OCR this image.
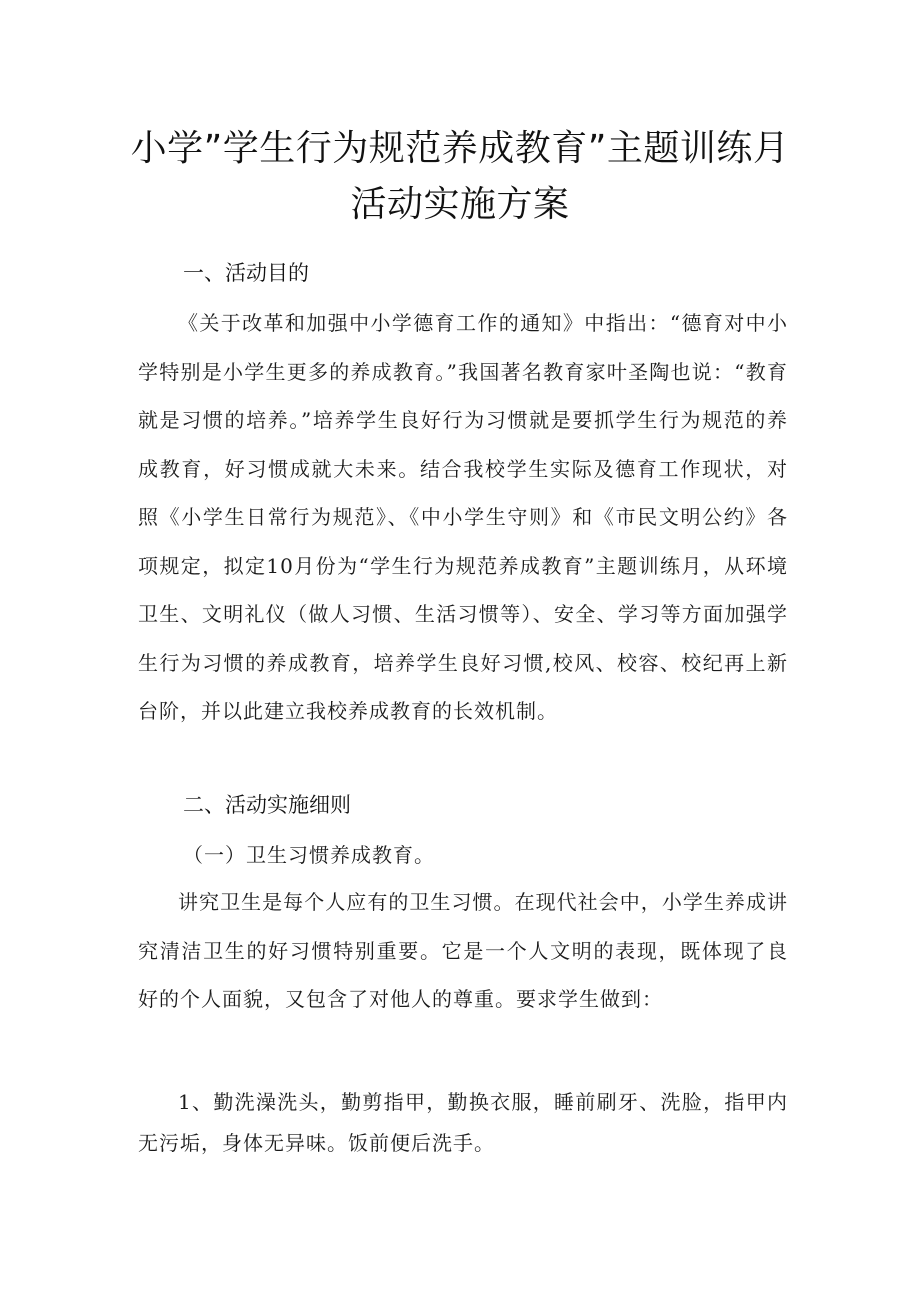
小学”学生行为规范养成教育”主题训练月
活动实施方案
一、活动目的
《关于改革和加强中小学德育工作的通知》中指出：“德育对中小学特别是小学生更多的养成教育。”我国著名教育家叶圣陶也说：“教育就是习惯的培养。”培养学生良好行为习惯就是要抓学生行为规范的养成教育，好习惯成就大未来。结合我校学生实际及德育工作现状，对照《小学生日常行为规范》、《中小学生守则》和《市民文明公约》各项规定，拟定10月份为“学生行为规范养成教育”主题训练月，从环境卫生、文明礼仪（做人习惯、生活习惯等）、安全、学习等方面加强学生行为习惯的养成教育，培养学生良好习惯,校风、校容、校纪再上新台阶，并以此建立我校养成教育的长效机制。
二、活动实施细则
（一）卫生习惯养成教育。
讲究卫生是每个人应有的卫生习惯。在现代社会中，小学生养成讲究清洁卫生的好习惯特别重要。它是一个人文明的表现，既体现了良好的个人面貌，又包含了对他人的尊重。要求学生做到：
1、勤洗澡洗头，勤剪指甲，勤换衣服，睡前刷牙、洗脸，指甲内无污垢，身体无异味。饭前便后洗手。
